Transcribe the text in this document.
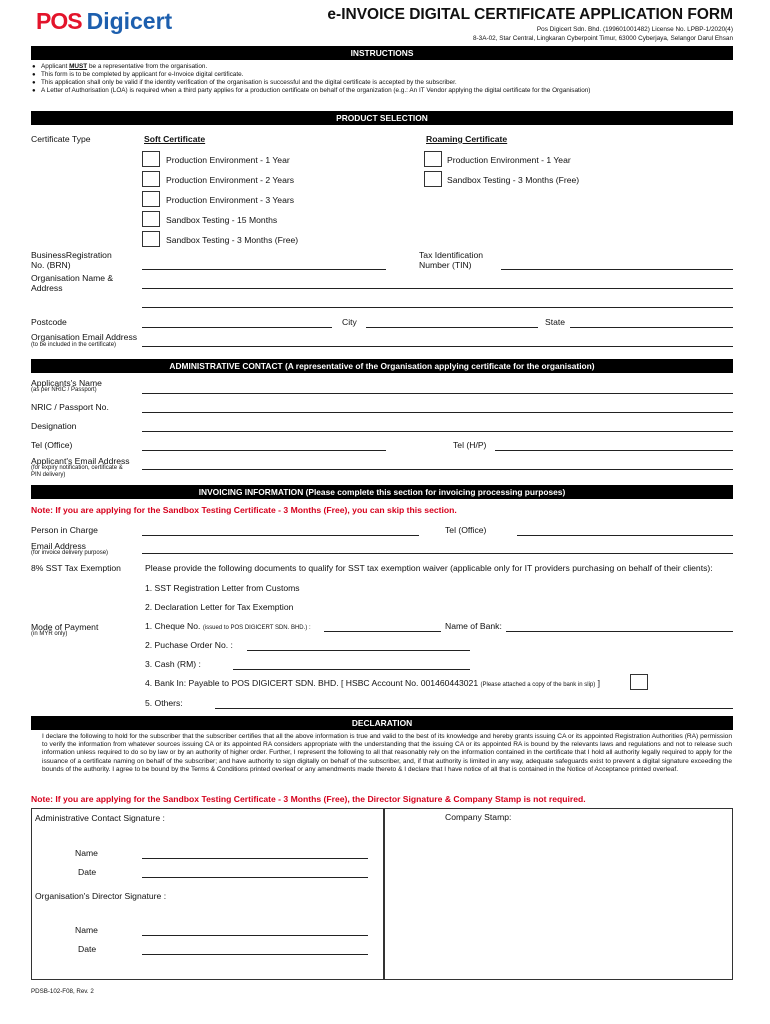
POS Digicert	e-INVOICE DIGITAL CERTIFICATE APPLICATION FORM
Pos Digicert Sdn. Bhd. (199601001482) License No. LPBP-1/2020(4)
8-3A-02, Star Central, Lingkaran Cyberpoint Timur, 63000 Cyberjaya, Selangor Darul Ehsan
INSTRUCTIONS
● Applicant MUST be a representative from the organisation.
● This form is to be completed by applicant for e-Invoice digital certificate.
● This application shall only be valid if the identity verification of the organisation is successful and the digital certificate is accepted by the subscriber.
● A Letter of Authorisation (LOA) is required when a third party applies for a production certificate on behalf of the organization (e.g.: An IT Vendor applying the digital certificate for the Organisation)
PRODUCT SELECTION
Certificate Type	Soft Certificate	Roaming Certificate
Production Environment - 1 Year
Production Environment - 2 Years
Production Environment - 3 Years
Sandbox Testing - 15 Months
Sandbox Testing - 3 Months (Free)
Production Environment - 1 Year
Sandbox Testing - 3 Months (Free)
BusinessRegistration No. (BRN)
Tax Identification Number (TIN)
Organisation Name & Address
Postcode	City	State
Organisation Email Address
(to be included in the certificate)
ADMINISTRATIVE CONTACT (A representative of the Organisation applying certificate for the organisation)
Applicants's Name
(as per NRIC / Passport)
NRIC / Passport No.
Designation
Tel (Office)	Tel (H/P)
Applicant's Email Address
(for expiry notification, certificate & PIN delivery)
INVOICING INFORMATION (Please complete this section for invoicing processing purposes)
Note: If you are applying for the Sandbox Testing Certificate - 3 Months (Free), you can skip this section.
Person in Charge	Tel (Office)
Email Address
(for invoice delivery purpose)
8% SST Tax Exemption	Please provide the following documents to qualify for SST tax exemption waiver (applicable only for IT providers purchasing on behalf of their clients):
1. SST Registration Letter from Customs
2. Declaration Letter for Tax Exemption
Mode of Payment
(in MYR only)
1. Cheque No. (issued to POS DIGICERT SDN. BHD.) :	Name of Bank:
2. Puchase Order No. :
3. Cash (RM) :
4. Bank In: Payable to POS DIGICERT SDN. BHD. [ HSBC Account No. 001460443021 (Please attached a copy of the bank in slip) ]
5. Others:
DECLARATION
I declare the following to hold for the subscriber that the subscriber certifies that all the above information is true and valid to the best of its knowledge and hereby grants issuing CA or its appointed Registration Authorities (RA) permission to verify the information from whatever sources issuing CA or its appointed RA considers appropriate with the understanding that the issuing CA or its appointed RA is bound by the relevants laws and regulations and not to release such information unless required to do so by law or by an authority of higher order. Further, I represent the following to all that reasonably rely on the information contained in the certificate that I hold all authority legally required to apply for the issuance of a certificate naming on behalf of the subscriber; and have authority to sign digitally on behalf of the subscriber, and, if that authority is limited in any way, adequate safeguards exist to prevent a digital signature exceeding the bounds of the authority. I agree to be bound by the Terms & Conditions printed overleaf or any amendments made thereto & I declare that I have notice of all that is contained in the Notice of Acceptance printed overleaf.
Note: If you are applying for the Sandbox Testing Certificate - 3 Months (Free), the Director Signature & Company Stamp is not required.
Administrative Contact Signature :	Company Stamp:
Name
Date
Organisation's Director Signature :
Name
Date
PDSB-102-F08, Rev. 2
